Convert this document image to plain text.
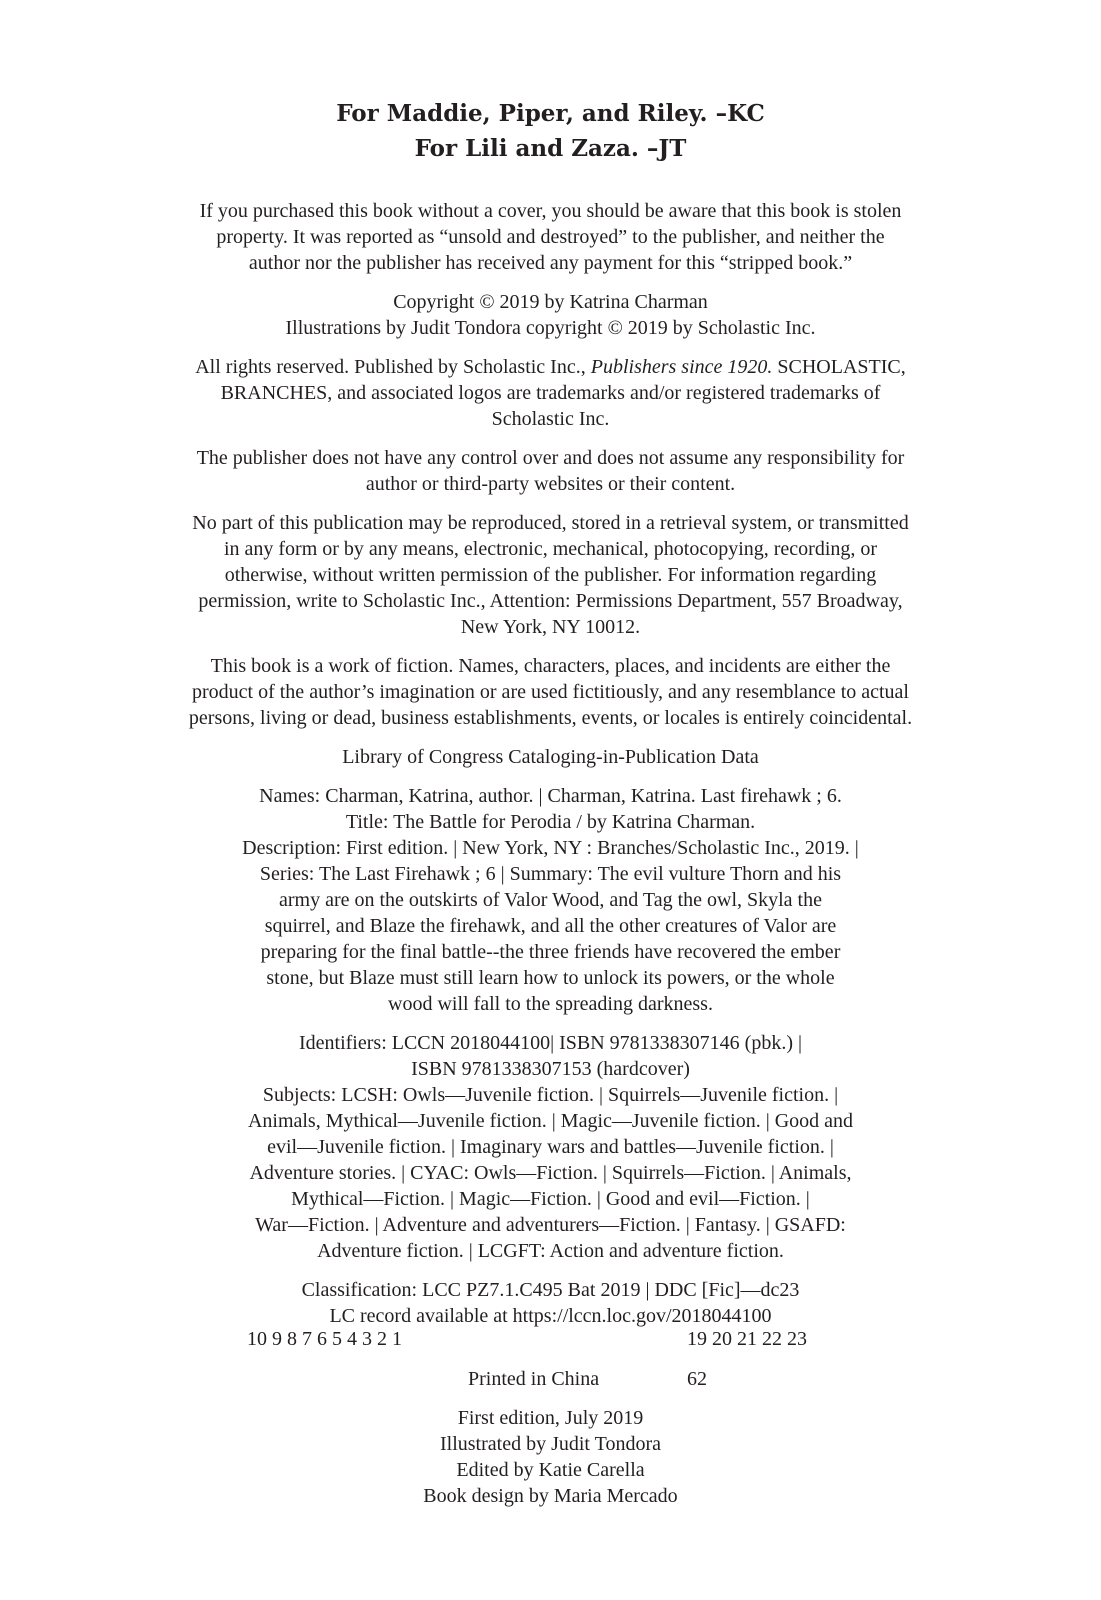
For Maddie, Piper, and Riley. –KC
For Lili and Zaza. –JT

If you purchased this book without a cover, you should be aware that this book is stolen
property. It was reported as “unsold and destroyed” to the publisher, and neither the
author nor the publisher has received any payment for this “stripped book.”

Copyright © 2019 by Katrina Charman
Illustrations by Judit Tondora copyright © 2019 by Scholastic Inc.

All rights reserved. Published by Scholastic Inc., Publishers since 1920. SCHOLASTIC,
BRANCHES, and associated logos are trademarks and/or registered trademarks of
Scholastic Inc.

The publisher does not have any control over and does not assume any responsibility for
author or third-party websites or their content.

No part of this publication may be reproduced, stored in a retrieval system, or transmitted
in any form or by any means, electronic, mechanical, photocopying, recording, or
otherwise, without written permission of the publisher. For information regarding
permission, write to Scholastic Inc., Attention: Permissions Department, 557 Broadway,
New York, NY 10012.

This book is a work of fiction. Names, characters, places, and incidents are either the
product of the author’s imagination or are used fictitiously, and any resemblance to actual
persons, living or dead, business establishments, events, or locales is entirely coincidental.

Library of Congress Cataloging-in-Publication Data

Names: Charman, Katrina, author. | Charman, Katrina. Last firehawk ; 6.
Title: The Battle for Perodia / by Katrina Charman.
Description: First edition. | New York, NY : Branches/Scholastic Inc., 2019. |
Series: The Last Firehawk ; 6 | Summary: The evil vulture Thorn and his
army are on the outskirts of Valor Wood, and Tag the owl, Skyla the
squirrel, and Blaze the firehawk, and all the other creatures of Valor are
preparing for the final battle--the three friends have recovered the ember
stone, but Blaze must still learn how to unlock its powers, or the whole
wood will fall to the spreading darkness.

Identifiers: LCCN 2018044100| ISBN 9781338307146 (pbk.) |
ISBN 9781338307153 (hardcover)
Subjects: LCSH: Owls—Juvenile fiction. | Squirrels—Juvenile fiction. |
Animals, Mythical—Juvenile fiction. | Magic—Juvenile fiction. | Good and
evil—Juvenile fiction. | Imaginary wars and battles—Juvenile fiction. |
Adventure stories. | CYAC: Owls—Fiction. | Squirrels—Fiction. | Animals,
Mythical—Fiction. | Magic—Fiction. | Good and evil—Fiction. |
War—Fiction. | Adventure and adventurers—Fiction. | Fantasy. | GSAFD:
Adventure fiction. | LCGFT: Action and adventure fiction.

Classification: LCC PZ7.1.C495 Bat 2019 | DDC [Fic]—dc23
LC record available at https://lccn.loc.gov/2018044100

10 9 8 7 6 5 4 3 2 1	19 20 21 22 23
Printed in China	62
First edition, July 2019
Illustrated by Judit Tondora
Edited by Katie Carella
Book design by Maria Mercado
